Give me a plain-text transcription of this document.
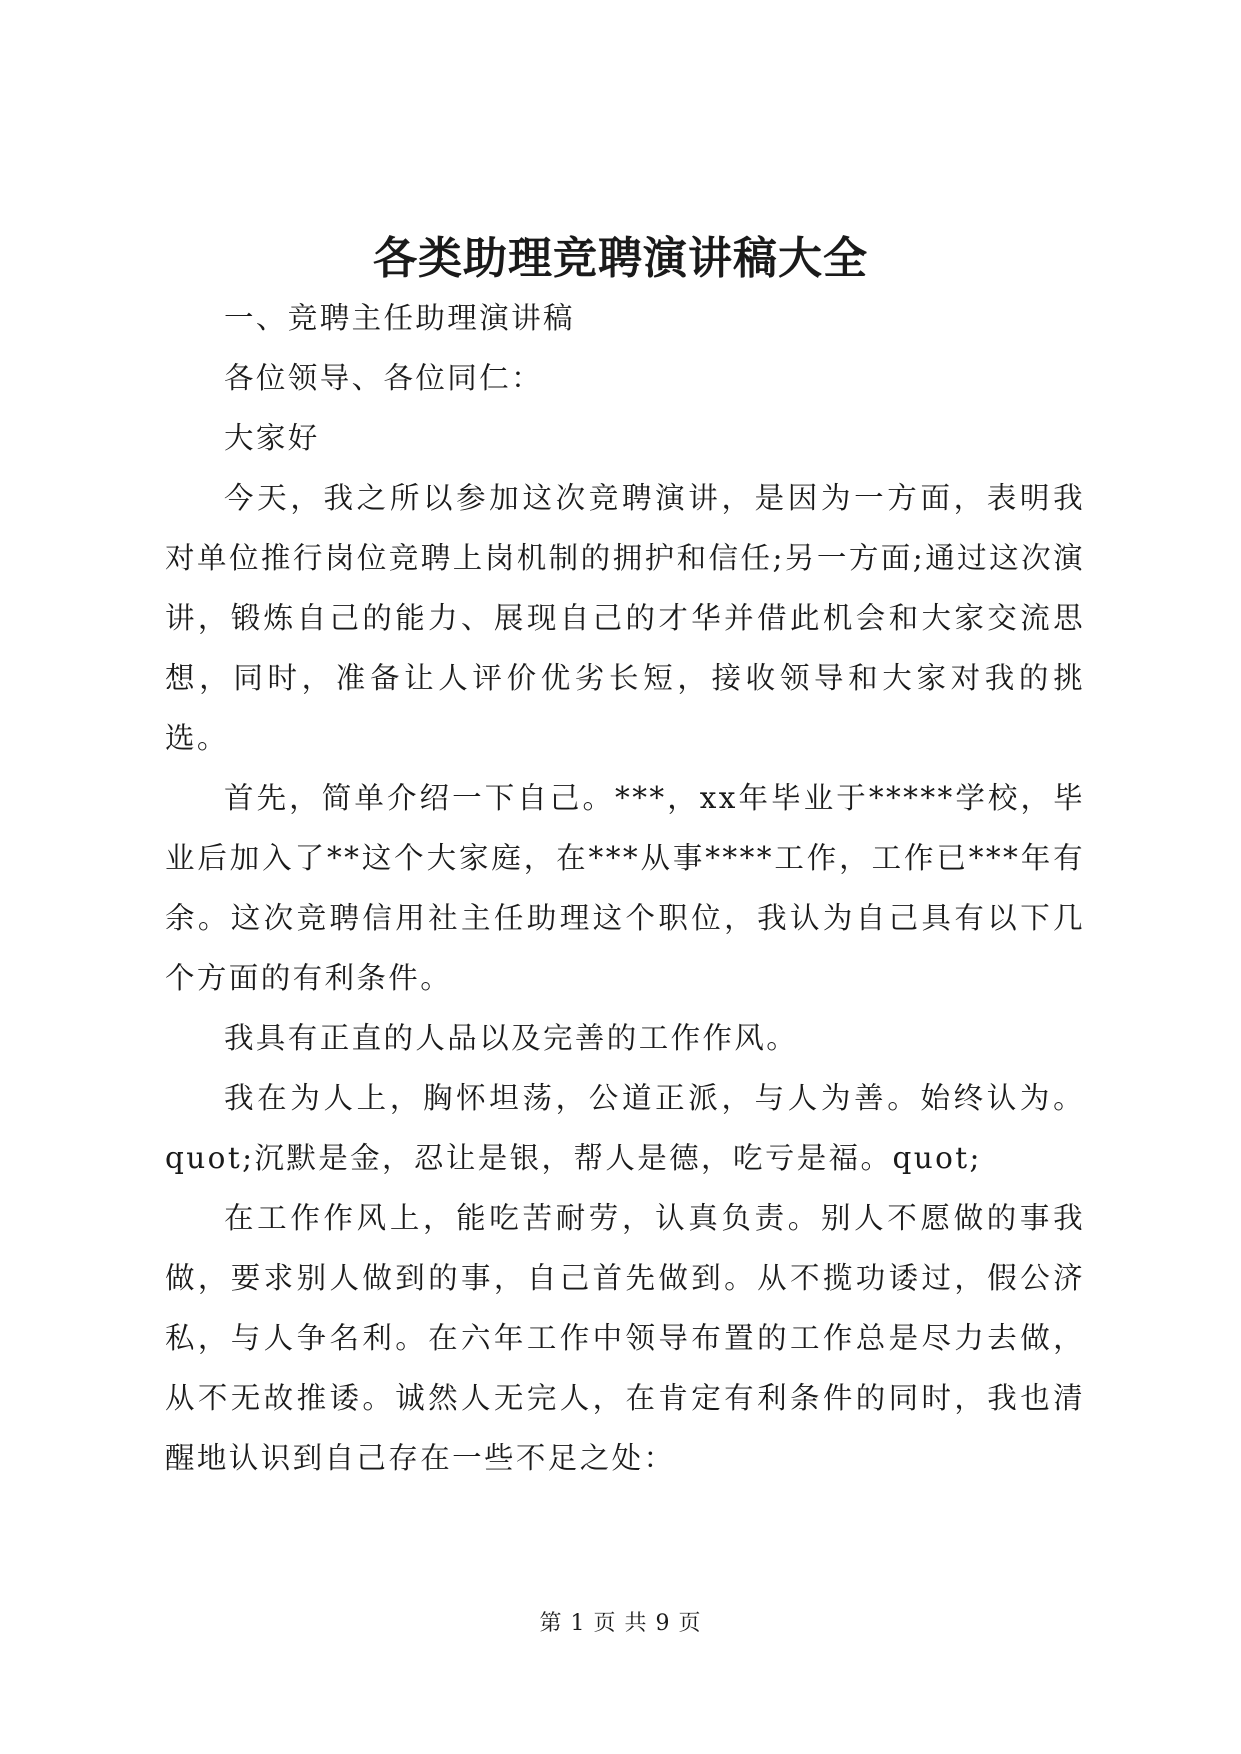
各类助理竞聘演讲稿大全

一、竞聘主任助理演讲稿

各位领导、各位同仁：

大家好

今天，我之所以参加这次竞聘演讲，是因为一方面，表明我对单位推行岗位竞聘上岗机制的拥护和信任;另一方面;通过这次演讲，锻炼自己的能力、展现自己的才华并借此机会和大家交流思想，同时，准备让人评价优劣长短，接收领导和大家对我的挑选。

首先，简单介绍一下自己。***，xx年毕业于*****学校，毕业后加入了**这个大家庭，在***从事****工作，工作已***年有余。这次竞聘信用社主任助理这个职位，我认为自己具有以下几个方面的有利条件。

我具有正直的人品以及完善的工作作风。

我在为人上，胸怀坦荡，公道正派，与人为善。始终认为。quot;沉默是金，忍让是银，帮人是德，吃亏是福。quot;

在工作作风上，能吃苦耐劳，认真负责。别人不愿做的事我做，要求别人做到的事，自己首先做到。从不揽功诿过，假公济私，与人争名利。在六年工作中领导布置的工作总是尽力去做，从不无故推诿。诚然人无完人，在肯定有利条件的同时，我也清醒地认识到自己存在一些不足之处：

第 1 页 共 9 页
